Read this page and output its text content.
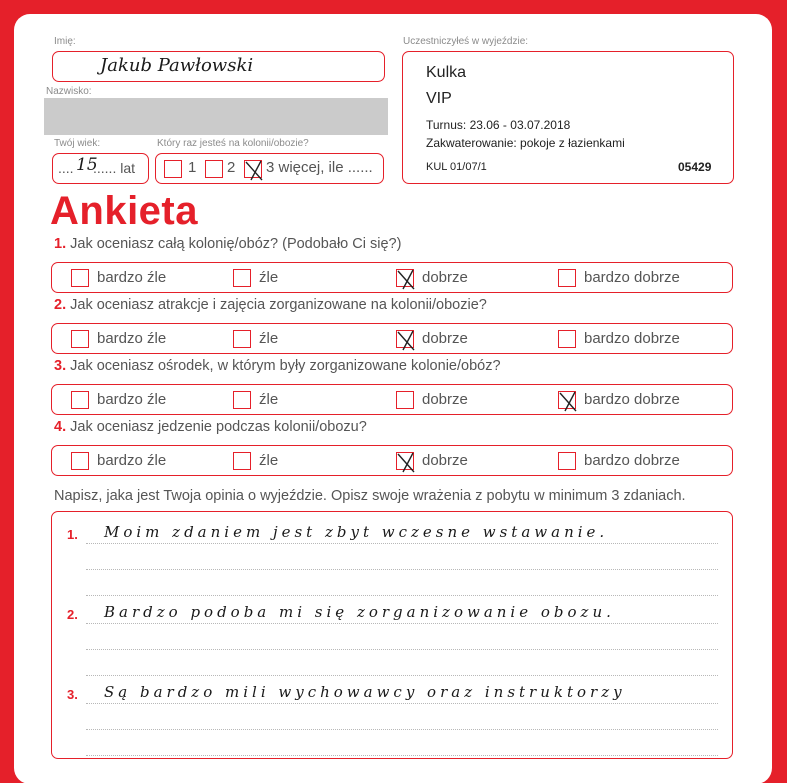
Imię:
Jakub Pawłowski
Nazwisko:
Twój wiek:
.... 15
...... lat
Który raz jesteś na kolonii/obozie?
1 2 3 więcej, ile ......
Uczestniczyłeś w wyjeździe:
Kulka
VIP
Turnus: 23.06 - 03.07.2018
Zakwaterowanie: pokoje z łazienkami
KUL 01/07/1	05429
Ankieta
1. Jak oceniasz całą kolonię/obóz? (Podobało Ci się?)
bardzo źle	źle	dobrze	bardzo dobrze
2. Jak oceniasz atrakcje i zajęcia zorganizowane na kolonii/obozie?
bardzo źle	źle	dobrze	bardzo dobrze
3. Jak oceniasz ośrodek, w którym były zorganizowane kolonie/obóz?
bardzo źle	źle	dobrze	bardzo dobrze
4. Jak oceniasz jedzenie podczas kolonii/obozu?
bardzo źle	źle	dobrze	bardzo dobrze
Napisz, jaka jest Twoja opinia o wyjeździe. Opisz swoje wrażenia z pobytu w minimum 3 zdaniach.
1. Moim zdaniem jest zbyt wczesne wstawanie.
2. Bardzo podoba mi się zorganizowanie obozu.
3. Są bardzo mili wychowawcy oraz instruktorzy
